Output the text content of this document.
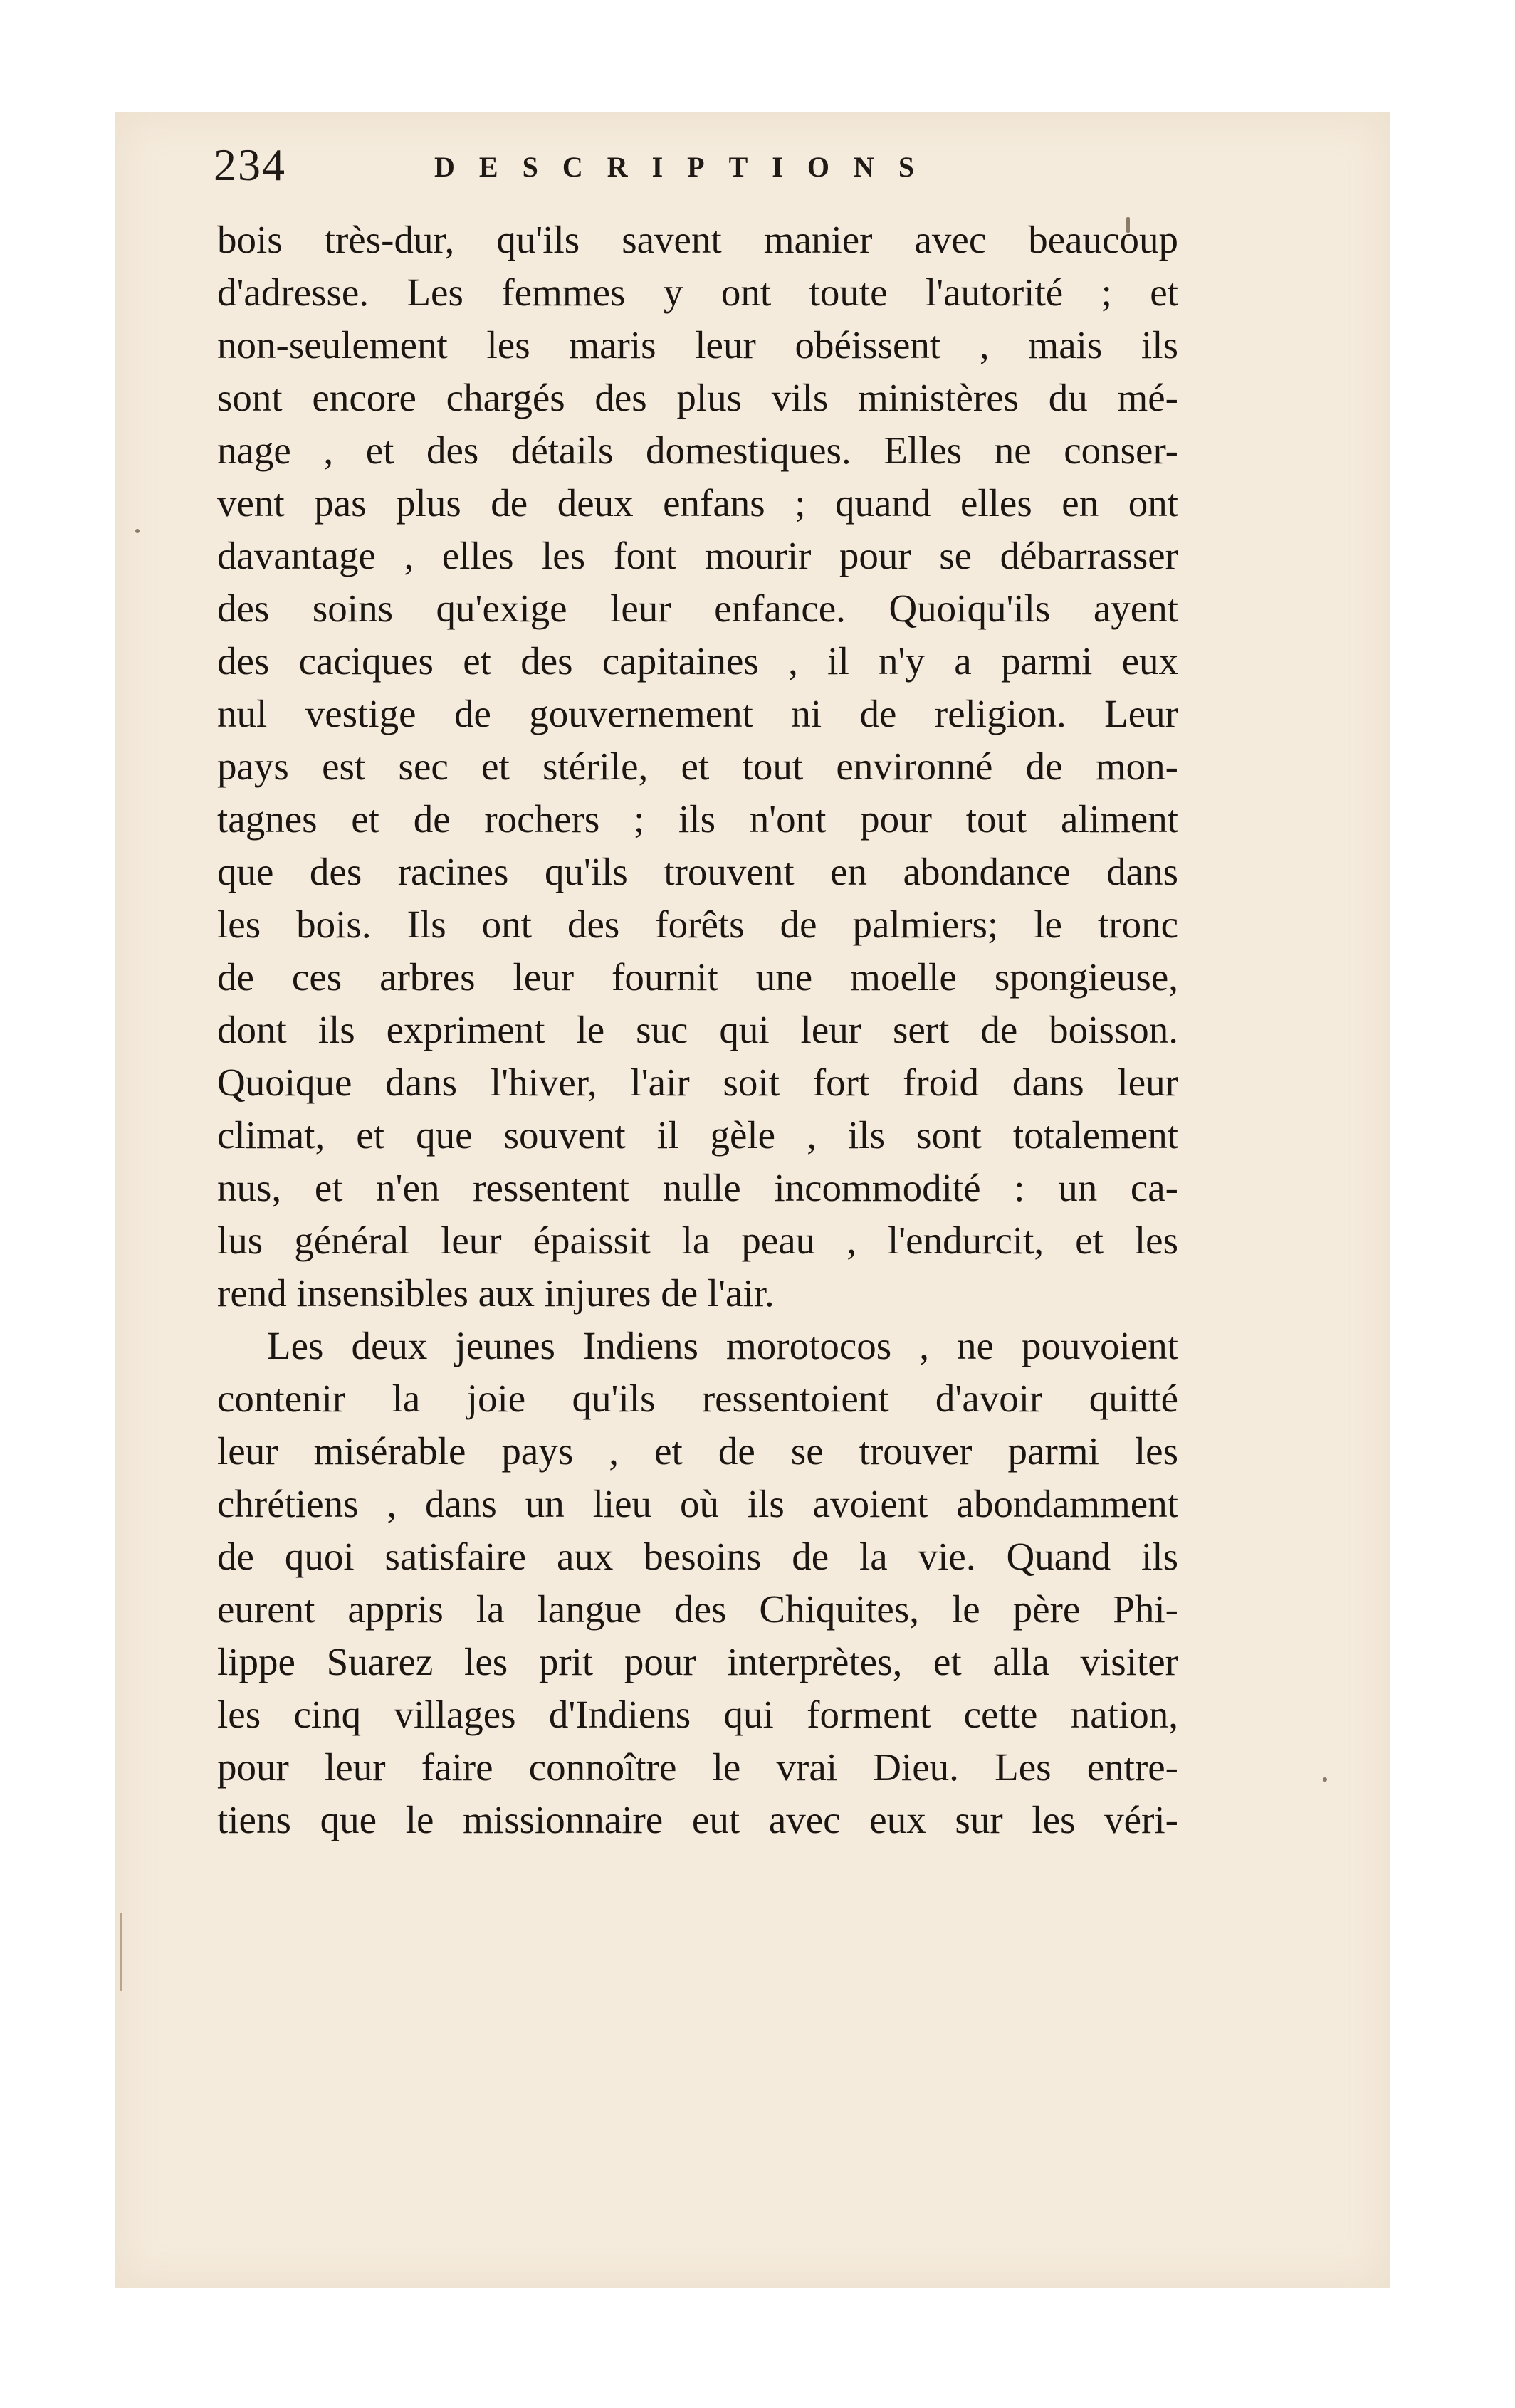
234	DESCRIPTIONS
bois très-dur, qu'ils savent manier avec beaucoup
d'adresse. Les femmes y ont toute l'autorité ; et
non-seulement les maris leur obéissent , mais ils
sont encore chargés des plus vils ministères du mé-
nage , et des détails domestiques. Elles ne conser-
vent pas plus de deux enfans ; quand elles en ont
davantage , elles les font mourir pour se débarrasser
des soins qu'exige leur enfance. Quoiqu'ils ayent
des caciques et des capitaines , il n'y a parmi eux
nul vestige de gouvernement ni de religion. Leur
pays est sec et stérile, et tout environné de mon-
tagnes et de rochers ; ils n'ont pour tout aliment
que des racines qu'ils trouvent en abondance dans
les bois. Ils ont des forêts de palmiers; le tronc
de ces arbres leur fournit une moelle spongieuse,
dont ils expriment le suc qui leur sert de boisson.
Quoique dans l'hiver, l'air soit fort froid dans leur
climat, et que souvent il gèle , ils sont totalement
nus, et n'en ressentent nulle incommodité : un ca-
lus général leur épaissit la peau , l'endurcit, et les
rend insensibles aux injures de l'air.
Les deux jeunes Indiens morotocos , ne pouvoient
contenir la joie qu'ils ressentoient d'avoir quitté
leur misérable pays , et de se trouver parmi les
chrétiens , dans un lieu où ils avoient abondamment
de quoi satisfaire aux besoins de la vie. Quand ils
eurent appris la langue des Chiquites, le père Phi-
lippe Suarez les prit pour interprètes, et alla visiter
les cinq villages d'Indiens qui forment cette nation,
pour leur faire connoître le vrai Dieu. Les entre-
tiens que le missionnaire eut avec eux sur les véri-
